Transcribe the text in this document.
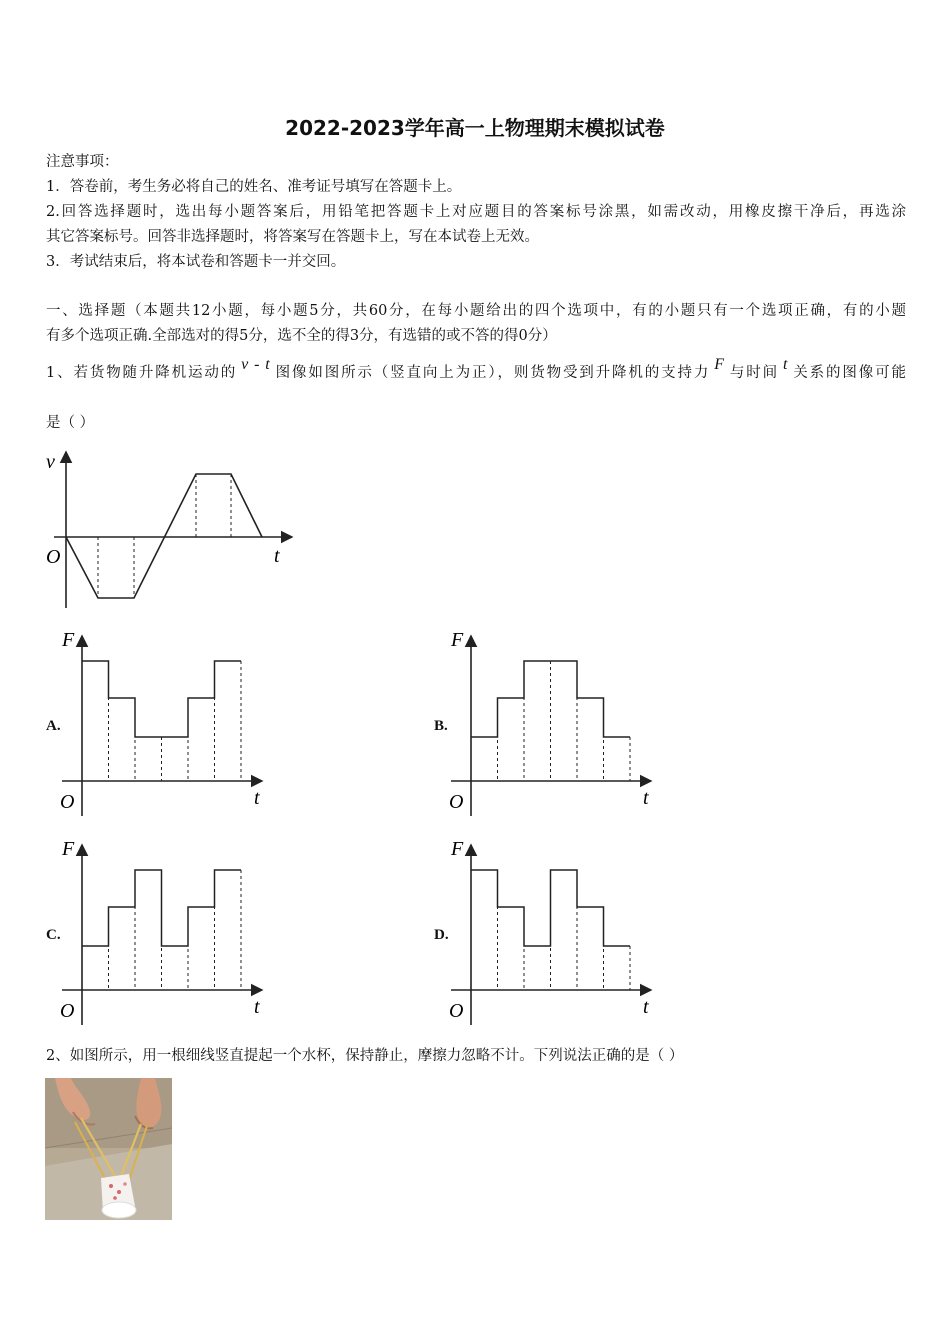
2022-2023学年高一上物理期末模拟试卷
注意事项：
1．答卷前，考生务必将自己的姓名、准考证号填写在答题卡上。
2.回答选择题时，选出每小题答案后，用铅笔把答题卡上对应题目的答案标号涂黑，如需改动，用橡皮擦干净后，再选涂
其它答案标号。回答非选择题时，将答案写在答题卡上，写在本试卷上无效。
3．考试结束后，将本试卷和答题卡一并交回。
一、选择题（本题共12小题，每小题5分，共60分，在每小题给出的四个选项中，有的小题只有一个选项正确，有的小题
有多个选项正确.全部选对的得5分，选不全的得3分，有选错的或不答的得0分）
1、若货物随升降机运动的 v - t 图像如图所示（竖直向上为正），则货物受到升降机的支持力 F 与时间 t 关系的图像可能
是（ ）
v
O	t
A.	B.
C.	D.
F
O	t
F
O	t
F
O	t
F
O	t
2、如图所示，用一根细线竖直提起一个水杯，保持静止，摩擦力忽略不计。下列说法正确的是（ ）
